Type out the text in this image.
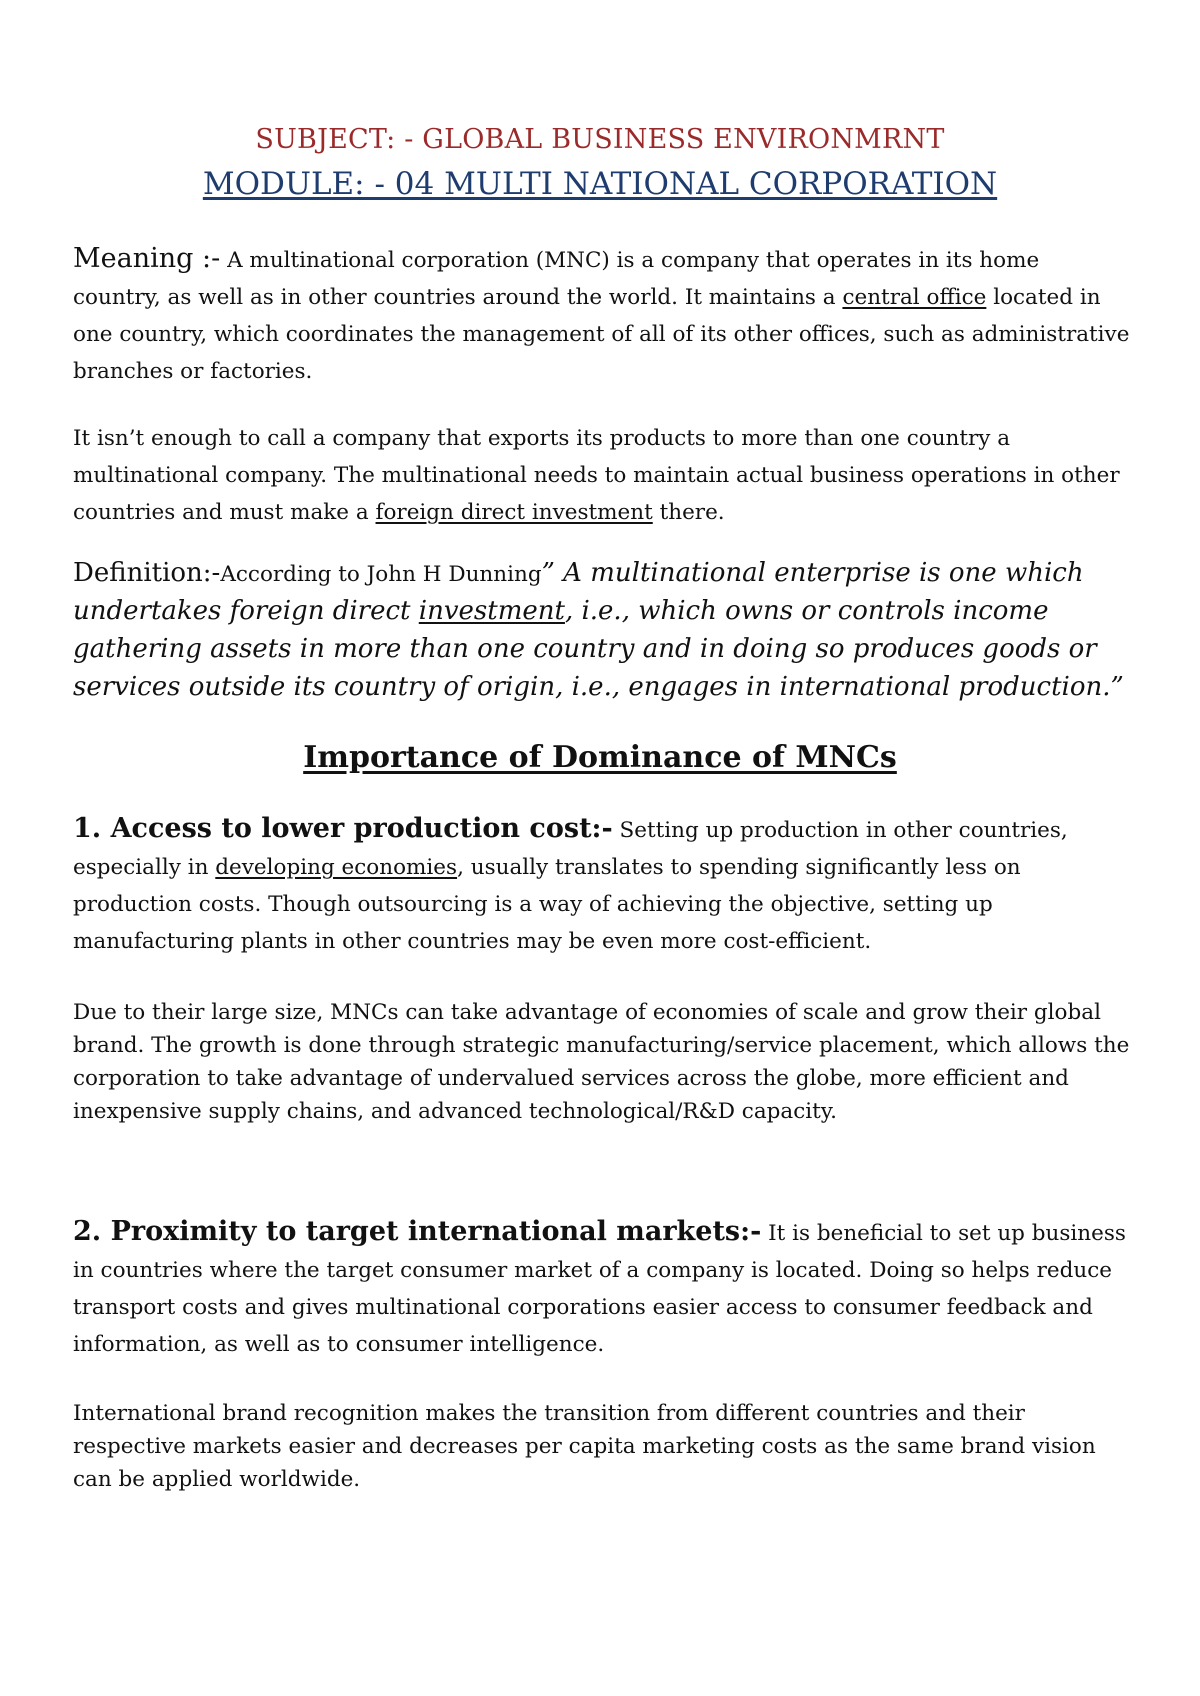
SUBJECT: - GLOBAL BUSINESS ENVIRONMRNT
MODULE: - 04 MULTI NATIONAL CORPORATION
Meaning :- A multinational corporation (MNC) is a company that operates in its home country, as well as in other countries around the world. It maintains a central office located in one country, which coordinates the management of all of its other offices, such as administrative branches or factories.
It isn’t enough to call a company that exports its products to more than one country a multinational company. The multinational needs to maintain actual business operations in other countries and must make a foreign direct investment there.
Definition:-According to John H Dunning” A multinational enterprise is one which undertakes foreign direct investment, i.e., which owns or controls income gathering assets in more than one country and in doing so produces goods or services outside its country of origin, i.e., engages in international production.”
Importance of Dominance of MNCs
1. Access to lower production cost:- Setting up production in other countries, especially in developing economies, usually translates to spending significantly less on production costs. Though outsourcing is a way of achieving the objective, setting up manufacturing plants in other countries may be even more cost-efficient.
Due to their large size, MNCs can take advantage of economies of scale and grow their global brand. The growth is done through strategic manufacturing/service placement, which allows the corporation to take advantage of undervalued services across the globe, more efficient and inexpensive supply chains, and advanced technological/R&D capacity.
2. Proximity to target international markets:- It is beneficial to set up business in countries where the target consumer market of a company is located. Doing so helps reduce transport costs and gives multinational corporations easier access to consumer feedback and information, as well as to consumer intelligence.
International brand recognition makes the transition from different countries and their respective markets easier and decreases per capita marketing costs as the same brand vision can be applied worldwide.
